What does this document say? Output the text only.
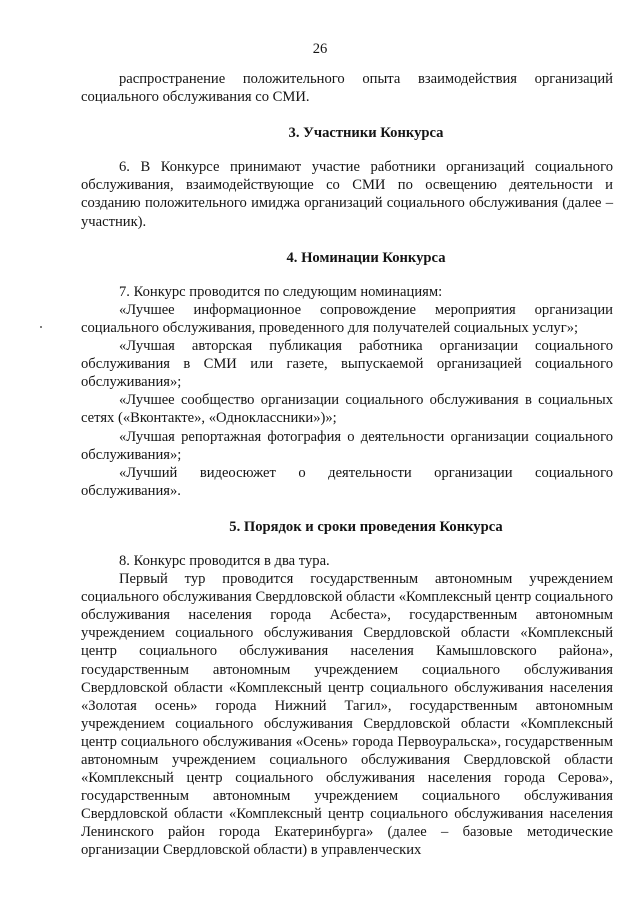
26

распространение положительного опыта взаимодействия организаций социального обслуживания со СМИ.

3. Участники Конкурса

6. В Конкурсе принимают участие работники организаций социального обслуживания, взаимодействующие со СМИ по освещению деятельности и созданию положительного имиджа организаций социального обслуживания (далее – участник).

4. Номинации Конкурса

7. Конкурс проводится по следующим номинациям:

«Лучшее информационное сопровождение мероприятия организации социального обслуживания, проведенного для получателей социальных услуг»;

«Лучшая авторская публикация работника организации социального обслуживания в СМИ или газете, выпускаемой организацией социального обслуживания»;

«Лучшее сообщество организации социального обслуживания в социальных сетях («Вконтакте», «Одноклассники»)»;

«Лучшая репортажная фотография о деятельности организации социального обслуживания»;

«Лучший видеосюжет о деятельности организации социального обслуживания».

5. Порядок и сроки проведения Конкурса

8. Конкурс проводится в два тура.

Первый тур проводится государственным автономным учреждением социального обслуживания Свердловской области «Комплексный центр социального обслуживания населения города Асбеста», государственным автономным учреждением социального обслуживания Свердловской области «Комплексный центр социального обслуживания населения Камышловского района», государственным автономным учреждением социального обслуживания Свердловской области «Комплексный центр социального обслуживания населения «Золотая осень» города Нижний Тагил», государственным автономным учреждением социального обслуживания Свердловской области «Комплексный центр социального обслуживания «Осень» города Первоуральска», государственным автономным учреждением социального обслуживания Свердловской области «Комплексный центр социального обслуживания населения города Серова», государственным автономным учреждением социального обслуживания Свердловской области «Комплексный центр социального обслуживания населения Ленинского район города Екатеринбурга» (далее – базовые методические организации Свердловской области) в управленческих
